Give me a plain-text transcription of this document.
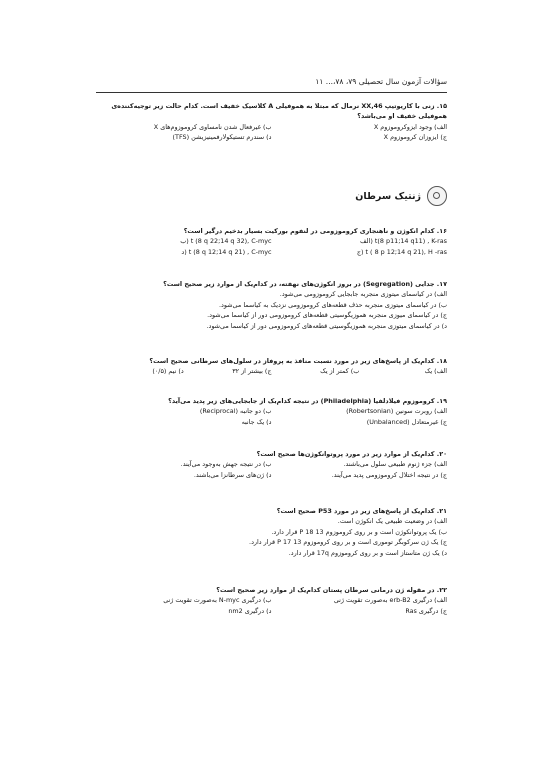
سؤالات آزمون سال تحصیلی ۷۹، ۷۸،... ۱۱
۱۵. زنی با کاریوتیپ 46,XX نرمال که مبتلا به هموفیلی A کلاسیک خفیف است. کدام حالت زیر توجیه‌کننده‌ی
هموفیلی خفیف او می‌باشد؟
الف) وجود ایزوکروموزوم X
ب) غیرفعال شدن نامساوی کروموزوم‌های X
ج) ایزوزان کروموزوم X
د) سندرم تستیکولارفمینیزیشن (TFS)
ژنتیک سرطان
۱۶. کدام انکوژن و ناهنجاری کروموزومی در لنفوم بورکیت بسیار بدخیم درگیر است؟
الف) t(8 p11;14 q11) , K-ras
ب) t (8 q 22;14 q 32), C-myc
ج) t ( 8 p 12;14 q 21), H -ras
د) t (8 q 12;14 q 21) , C-myc
۱۷. جدایی (Segregation) در بروز انکوژن‌های نهفته، در کدام‌یک از موارد زیر صحیح است؟
الف) در کیاسمای میتوزی منجربه جابجایی کروموزومی می‌شود.
ب) در کیاسمای میتوزی منجربه حذف قطعه‌های کروموزومی نزدیک به کیاسما می‌شود.
ج) در کیاسمای میوزی منجربه هموزیگوسیتی قطعه‌های کروموزومی دور از کیاسما می‌شود.
د) در کیاسمای میتوزی منجربه هموزیگوسیتی قطعه‌های کروموزومی دور از کیاسما می‌شود.
۱۸. کدام‌یک از پاسخ‌های زیر در مورد نسبت منافذ به پروفاز در سلول‌های سرطانی صحیح است؟
الف) یک
ب) کمتر از یک
ج) بیشتر از ۳۲
د) نیم (۰/۵)
۱۹. کروموزوم فیلادلفیا (Philadelphia) در نتیجه کدام‌یک از جابجایی‌های زیر پدید می‌آید؟
الف) روبرت سونین (Robertsonian)
ب) دو جانبه (Reciprocal)
ج) غیرمتعادل (Unbalanced)
د) یک جانبه
۲۰. کدام‌یک از موارد زیر در مورد پروتوانکوژن‌ها صحیح است؟
الف) جزء ژنوم طبیعی سلول می‌باشند.
ب) در نتیجه جهش به‌وجود می‌آیند.
ج) در نتیجه اختلال کروموزومی پدید می‌آیند.
د) ژن‌های سرطانزا می‌باشند.
۲۱. کدام‌یک از پاسخ‌های زیر در مورد P53 صحیح است؟
الف) در وضعیت طبیعی یک انکوژن است.
ب) یک پروتوانکوژن است و بر روی کروموزوم 13 P 18 قرار دارد.
ج) یک ژن سرکوبگر توموری است و بر روی کروموزوم 13 P 17 قرار دارد.
د) یک ژن متاستاز است و بر روی کروموزوم 17q قرار دارد.
۲۲. در مقوله ژن درمانی سرطان پستان کدام‌یک از موارد زیر صحیح است؟
الف) درگیری erb-B2 به‌صورت تقویت ژنی
ب) درگیری N-myc به‌صورت تقویت ژنی
ج) درگیری Ras
د) درگیری nm2
